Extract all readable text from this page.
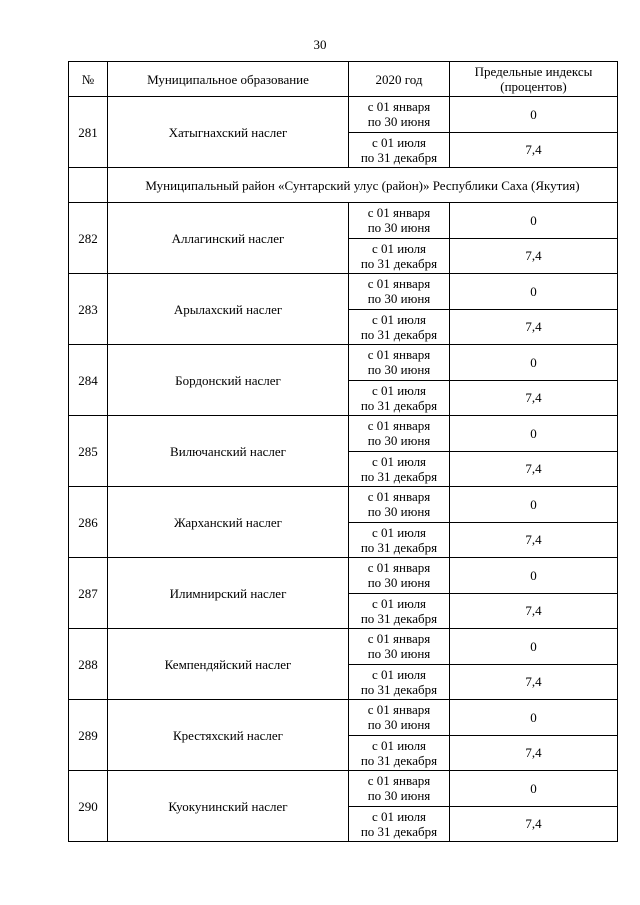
30
№	Муниципальное образование	2020 год	Предельные индексы
(процентов)

281	Хатыгнахский наслег	с 01 января
по 30 июня	0

		с 01 июля
по 31 декабря	7,4
	Муниципальный район «Сунтарский улус (район)» Республики Саха (Якутия)		
282	Аллагинский наслег	с 01 января
по 30 июня	0

		с 01 июля
по 31 декабря	7,4
283	Арылахский наслег	с 01 января
по 30 июня	0

		с 01 июля
по 31 декабря	7,4
284	Бордонский наслег	с 01 января
по 30 июня	0

		с 01 июля
по 31 декабря	7,4
285	Вилючанский наслег	с 01 января
по 30 июня	0

		с 01 июля
по 31 декабря	7,4
286	Жарханский наслег	с 01 января
по 30 июня	0

		с 01 июля
по 31 декабря	7,4
287	Илимнирский наслег	с 01 января
по 30 июня	0

		с 01 июля
по 31 декабря	7,4
288	Кемпендяйский наслег	с 01 января
по 30 июня	0

		с 01 июля
по 31 декабря	7,4
289	Крестяхский наслег	с 01 января
по 30 июня	0

		с 01 июля
по 31 декабря	7,4
290	Куокунинский наслег	с 01 января
по 30 июня	0

		с 01 июля
по 31 декабря	7,4
